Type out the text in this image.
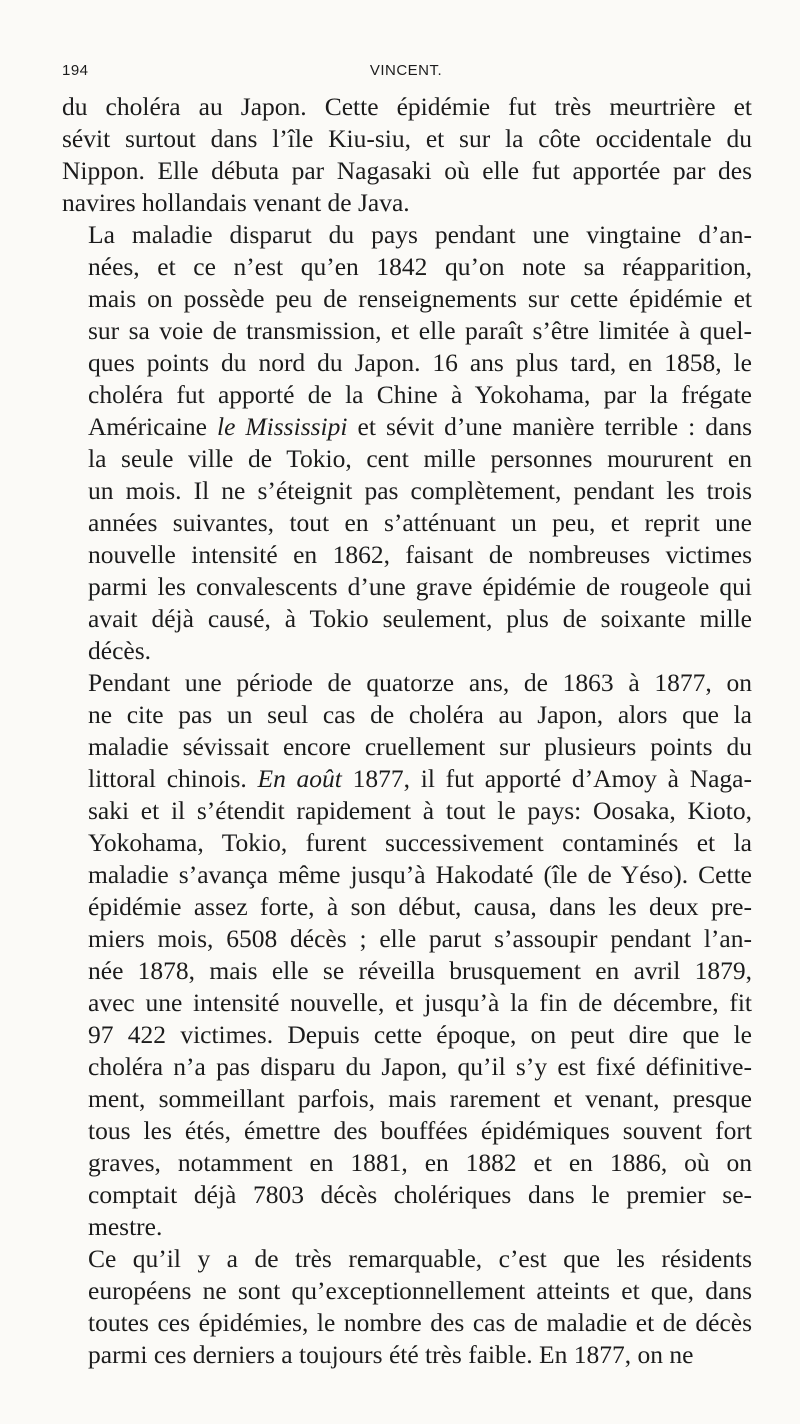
194	VINCENT.

du choléra au Japon. Cette épidémie fut très meurtrière et
sévit surtout dans l’île Kiu-siu, et sur la côte occidentale du
Nippon. Elle débuta par Nagasaki où elle fut apportée par des
navires hollandais venant de Java.

La maladie disparut du pays pendant une vingtaine d’an-
nées, et ce n’est qu’en 1842 qu’on note sa réapparition,
mais on possède peu de renseignements sur cette épidémie et
sur sa voie de transmission, et elle paraît s’être limitée à quel-
ques points du nord du Japon. 16 ans plus tard, en 1858, le
choléra fut apporté de la Chine à Yokohama, par la frégate
Américaine le Mississipi et sévit d’une manière terrible : dans
la seule ville de Tokio, cent mille personnes moururent en
un mois. Il ne s’éteignit pas complètement, pendant les trois
années suivantes, tout en s’atténuant un peu, et reprit une
nouvelle intensité en 1862, faisant de nombreuses victimes
parmi les convalescents d’une grave épidémie de rougeole qui
avait déjà causé, à Tokio seulement, plus de soixante mille
décès.

Pendant une période de quatorze ans, de 1863 à 1877, on
ne cite pas un seul cas de choléra au Japon, alors que la
maladie sévissait encore cruellement sur plusieurs points du
littoral chinois. En août 1877, il fut apporté d’Amoy à Naga-
saki et il s’étendit rapidement à tout le pays: Oosaka, Kioto,
Yokohama, Tokio, furent successivement contaminés et la
maladie s’avança même jusqu’à Hakodaté (île de Yéso). Cette
épidémie assez forte, à son début, causa, dans les deux pre-
miers mois, 6508 décès ; elle parut s’assoupir pendant l’an-
née 1878, mais elle se réveilla brusquement en avril 1879,
avec une intensité nouvelle, et jusqu’à la fin de décembre, fit
97 422 victimes. Depuis cette époque, on peut dire que le
choléra n’a pas disparu du Japon, qu’il s’y est fixé définitive-
ment, sommeillant parfois, mais rarement et venant, presque
tous les étés, émettre des bouffées épidémiques souvent fort
graves, notamment en 1881, en 1882 et en 1886, où on
comptait déjà 7803 décès cholériques dans le premier se-
mestre.

Ce qu’il y a de très remarquable, c’est que les résidents
européens ne sont qu’exceptionnellement atteints et que, dans
toutes ces épidémies, le nombre des cas de maladie et de décès
parmi ces derniers a toujours été très faible. En 1877, on ne
